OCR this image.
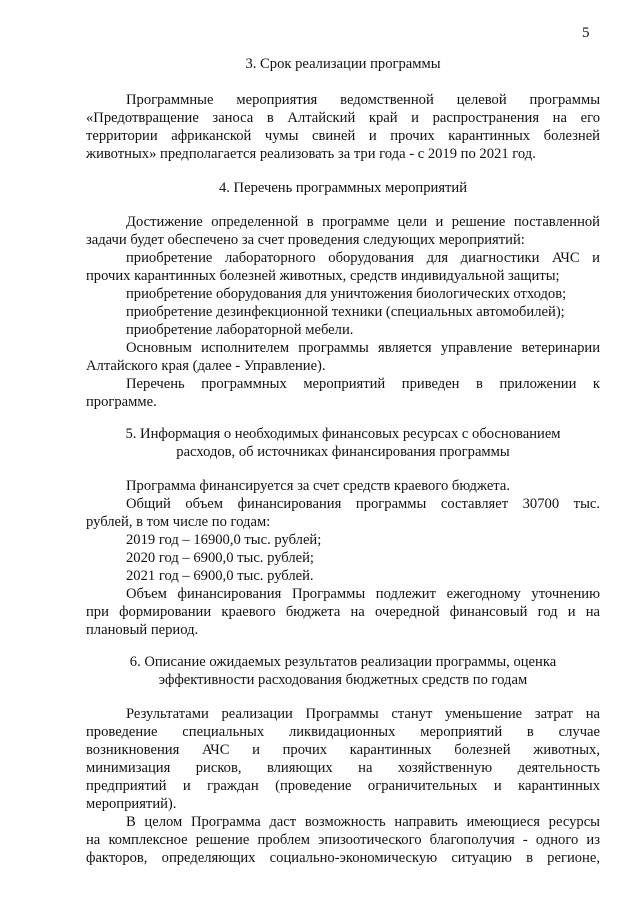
5
3. Срок реализации программы

Программные мероприятия ведомственной целевой программы

«Предотвращение заноса в Алтайский край и распространения на его

территории африканской чумы свиней и прочих карантинных болезней

животных» предполагается реализовать за три года - с 2019 по 2021 год.

4. Перечень программных мероприятий

Достижение определенной в программе цели и решение поставленной

задачи будет обеспечено за счет проведения следующих мероприятий:

приобретение лабораторного оборудования для диагностики АЧС и

прочих карантинных болезней животных, средств индивидуальной защиты;

приобретение оборудования для уничтожения биологических отходов;

приобретение дезинфекционной техники (специальных автомобилей);

приобретение лабораторной мебели.

Основным исполнителем программы является управление ветеринарии

Алтайского края (далее - Управление).

Перечень программных мероприятий приведен в приложении к

программе.

5. Информация о необходимых финансовых ресурсах с обоснованием
расходов, об источниках финансирования программы

Программа финансируется за счет средств краевого бюджета.

Общий объем финансирования программы составляет 30700 тыс.

рублей, в том числе по годам:

2019 год – 16900,0 тыс. рублей;

2020 год – 6900,0 тыс. рублей;

2021 год – 6900,0 тыс. рублей.

Объем финансирования Программы подлежит ежегодному уточнению

при формировании краевого бюджета на очередной финансовый год и на

плановый период.

6. Описание ожидаемых результатов реализации программы, оценка
эффективности расходования бюджетных средств по годам

Результатами реализации Программы станут уменьшение затрат на

проведение специальных ликвидационных мероприятий в случае

возникновения АЧС и прочих карантинных болезней животных,

минимизация рисков, влияющих на хозяйственную деятельность

предприятий и граждан (проведение ограничительных и карантинных

мероприятий).

В целом Программа даст возможность направить имеющиеся ресурсы

на комплексное решение проблем эпизоотического благополучия - одного из

факторов, определяющих социально-экономическую ситуацию в регионе,
